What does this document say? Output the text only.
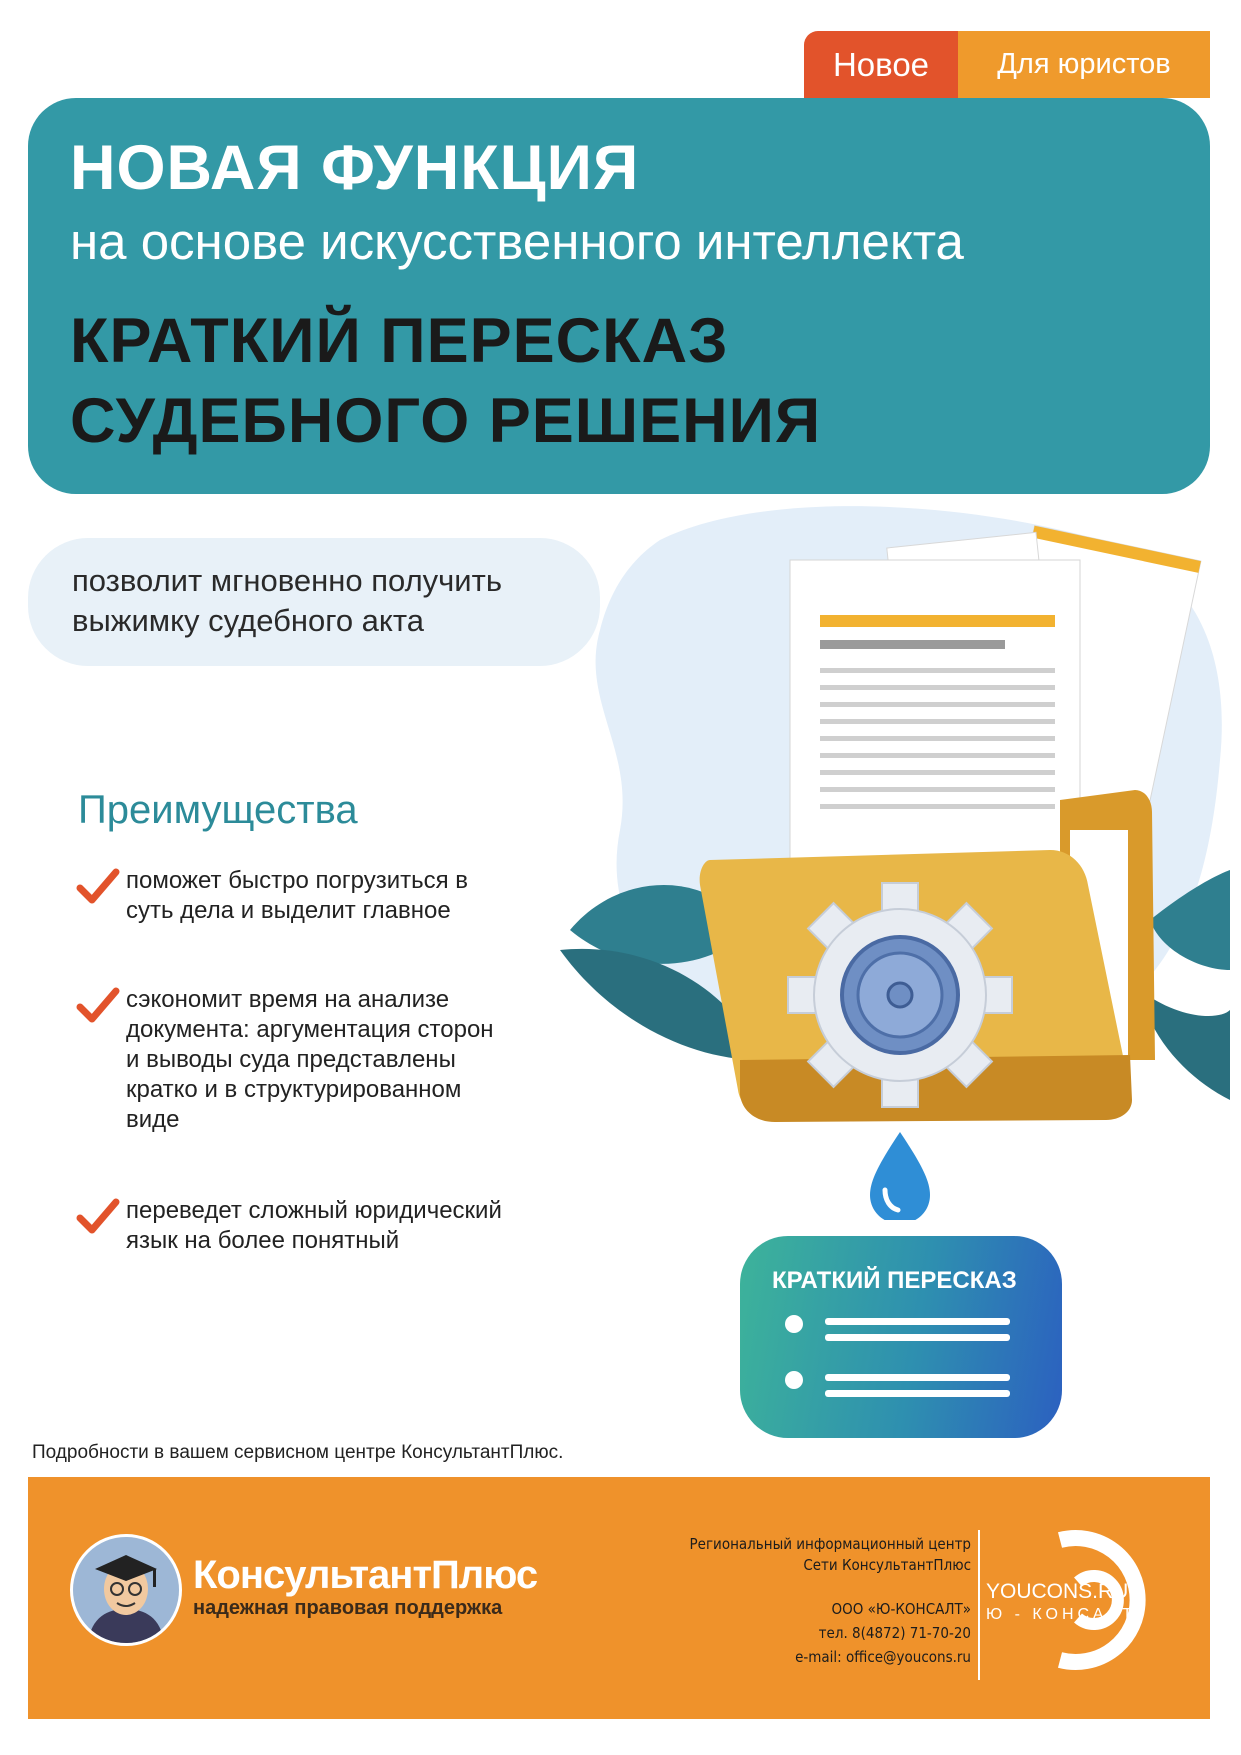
Новое	Для юристов
НОВАЯ ФУНКЦИЯ
на основе искусственного интеллекта
КРАТКИЙ ПЕРЕСКАЗ
СУДЕБНОГО РЕШЕНИЯ
позволит мгновенно получить выжимку судебного акта
Преимущества
поможет быстро погрузиться в суть дела и выделит главное
сэкономит время на анализе документа: аргументация сторон и выводы суда представлены кратко и в структурированном виде
переведет сложный юридический язык на более понятный
КРАТКИЙ ПЕРЕСКАЗ
Подробности в вашем сервисном центре КонсультантПлюс.
КонсультантПлюс
надежная правовая поддержка
Региональный информационный центр
Сети КонсультантПлюс
ООО «Ю-КОНСАЛТ»
тел. 8(4872) 71-70-20
e-mail: office@youcons.ru
YOUCONS.RU
Ю - КОНСАЛТ
